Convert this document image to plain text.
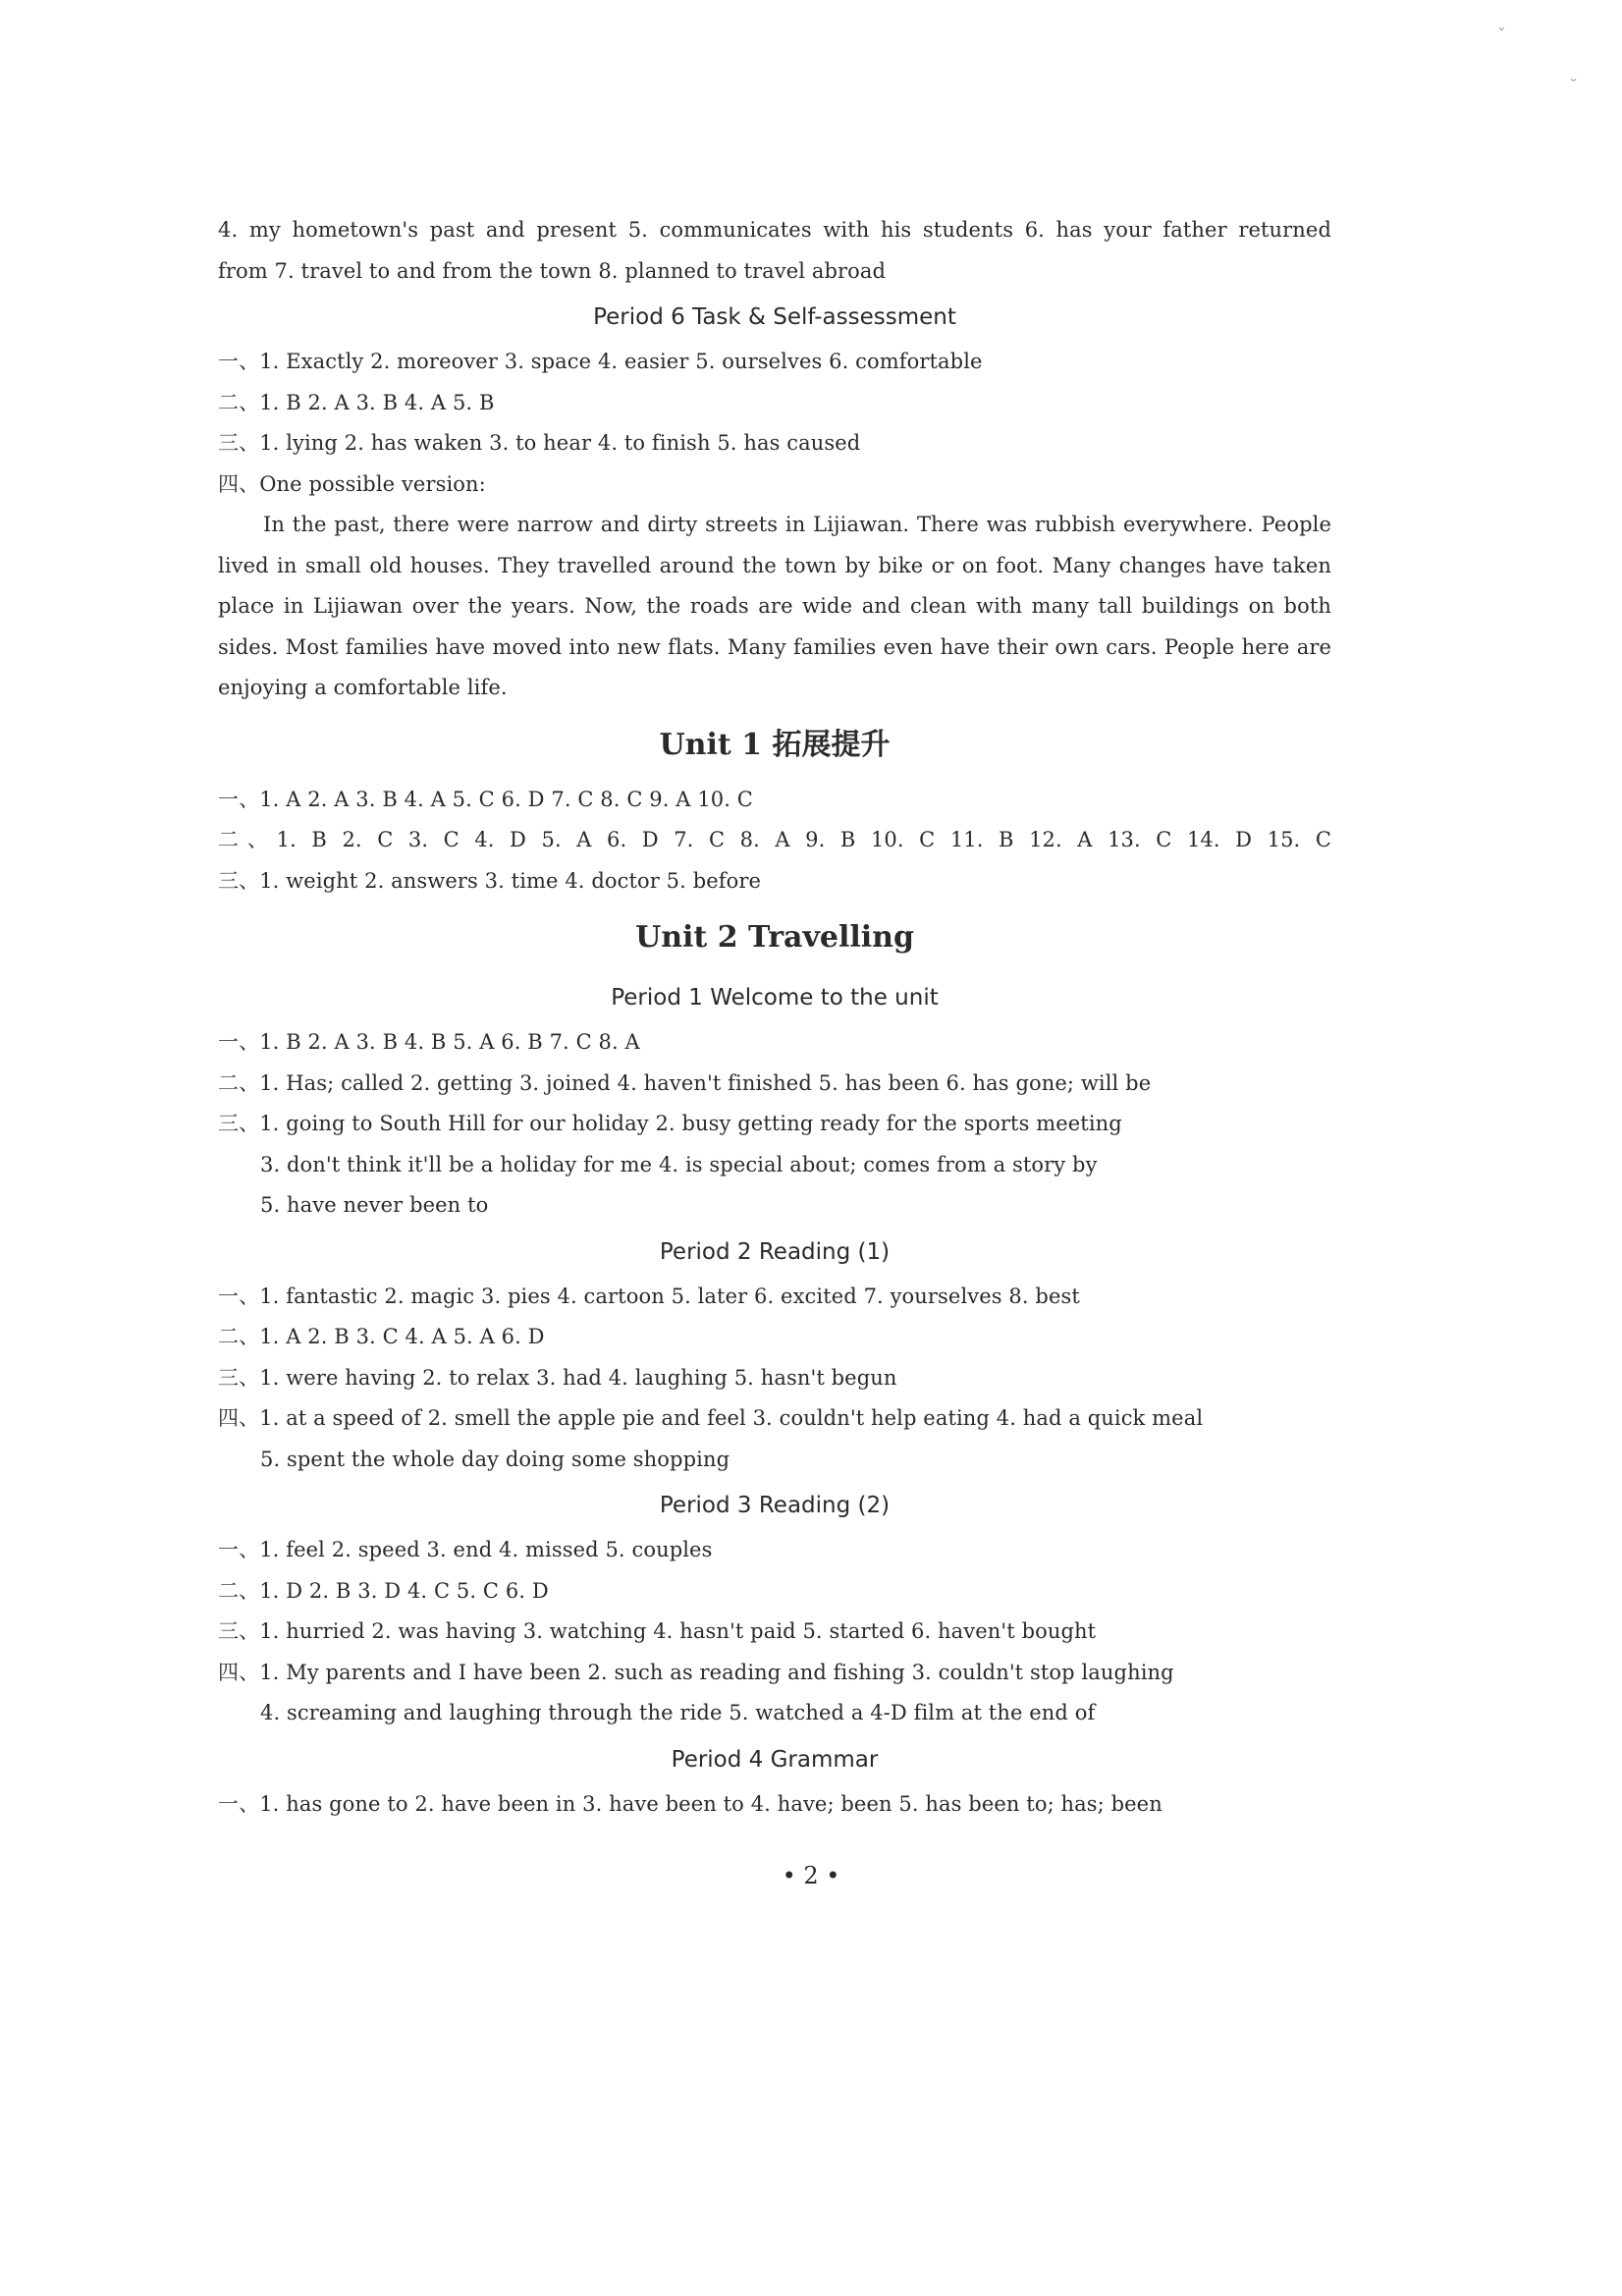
ˇ
˘
4. my hometown's past and present 5. communicates with his students 6. has your father returned
from 7. travel to and from the town 8. planned to travel abroad
Period 6 Task & Self-assessment
一、1. Exactly 2. moreover 3. space 4. easier 5. ourselves 6. comfortable
二、1. B 2. A 3. B 4. A 5. B
三、1. lying 2. has waken 3. to hear 4. to finish 5. has caused
四、One possible version:
In the past, there were narrow and dirty streets in Lijiawan. There was rubbish everywhere. People lived in small old houses. They travelled around the town by bike or on foot. Many changes have taken place in Lijiawan over the years. Now, the roads are wide and clean with many tall buildings on both sides. Most families have moved into new flats. Many families even have their own cars. People here are enjoying a comfortable life.
Unit 1 拓展提升
一、1. A 2. A 3. B 4. A 5. C 6. D 7. C 8. C 9. A 10. C
二、1. B 2. C 3. C 4. D 5. A 6. D 7. C 8. A 9. B 10. C 11. B 12. A 13. C 14. D 15. C
三、1. weight 2. answers 3. time 4. doctor 5. before
Unit 2 Travelling
Period 1 Welcome to the unit
一、1. B 2. A 3. B 4. B 5. A 6. B 7. C 8. A
二、1. Has; called 2. getting 3. joined 4. haven't finished 5. has been 6. has gone; will be
三、1. going to South Hill for our holiday 2. busy getting ready for the sports meeting
3. don't think it'll be a holiday for me 4. is special about; comes from a story by
5. have never been to
Period 2 Reading (1)
一、1. fantastic 2. magic 3. pies 4. cartoon 5. later 6. excited 7. yourselves 8. best
二、1. A 2. B 3. C 4. A 5. A 6. D
三、1. were having 2. to relax 3. had 4. laughing 5. hasn't begun
四、1. at a speed of 2. smell the apple pie and feel 3. couldn't help eating 4. had a quick meal
5. spent the whole day doing some shopping
Period 3 Reading (2)
一、1. feel 2. speed 3. end 4. missed 5. couples
二、1. D 2. B 3. D 4. C 5. C 6. D
三、1. hurried 2. was having 3. watching 4. hasn't paid 5. started 6. haven't bought
四、1. My parents and I have been 2. such as reading and fishing 3. couldn't stop laughing
4. screaming and laughing through the ride 5. watched a 4-D film at the end of
Period 4 Grammar
一、1. has gone to 2. have been in 3. have been to 4. have; been 5. has been to; has; been
• 2 •
